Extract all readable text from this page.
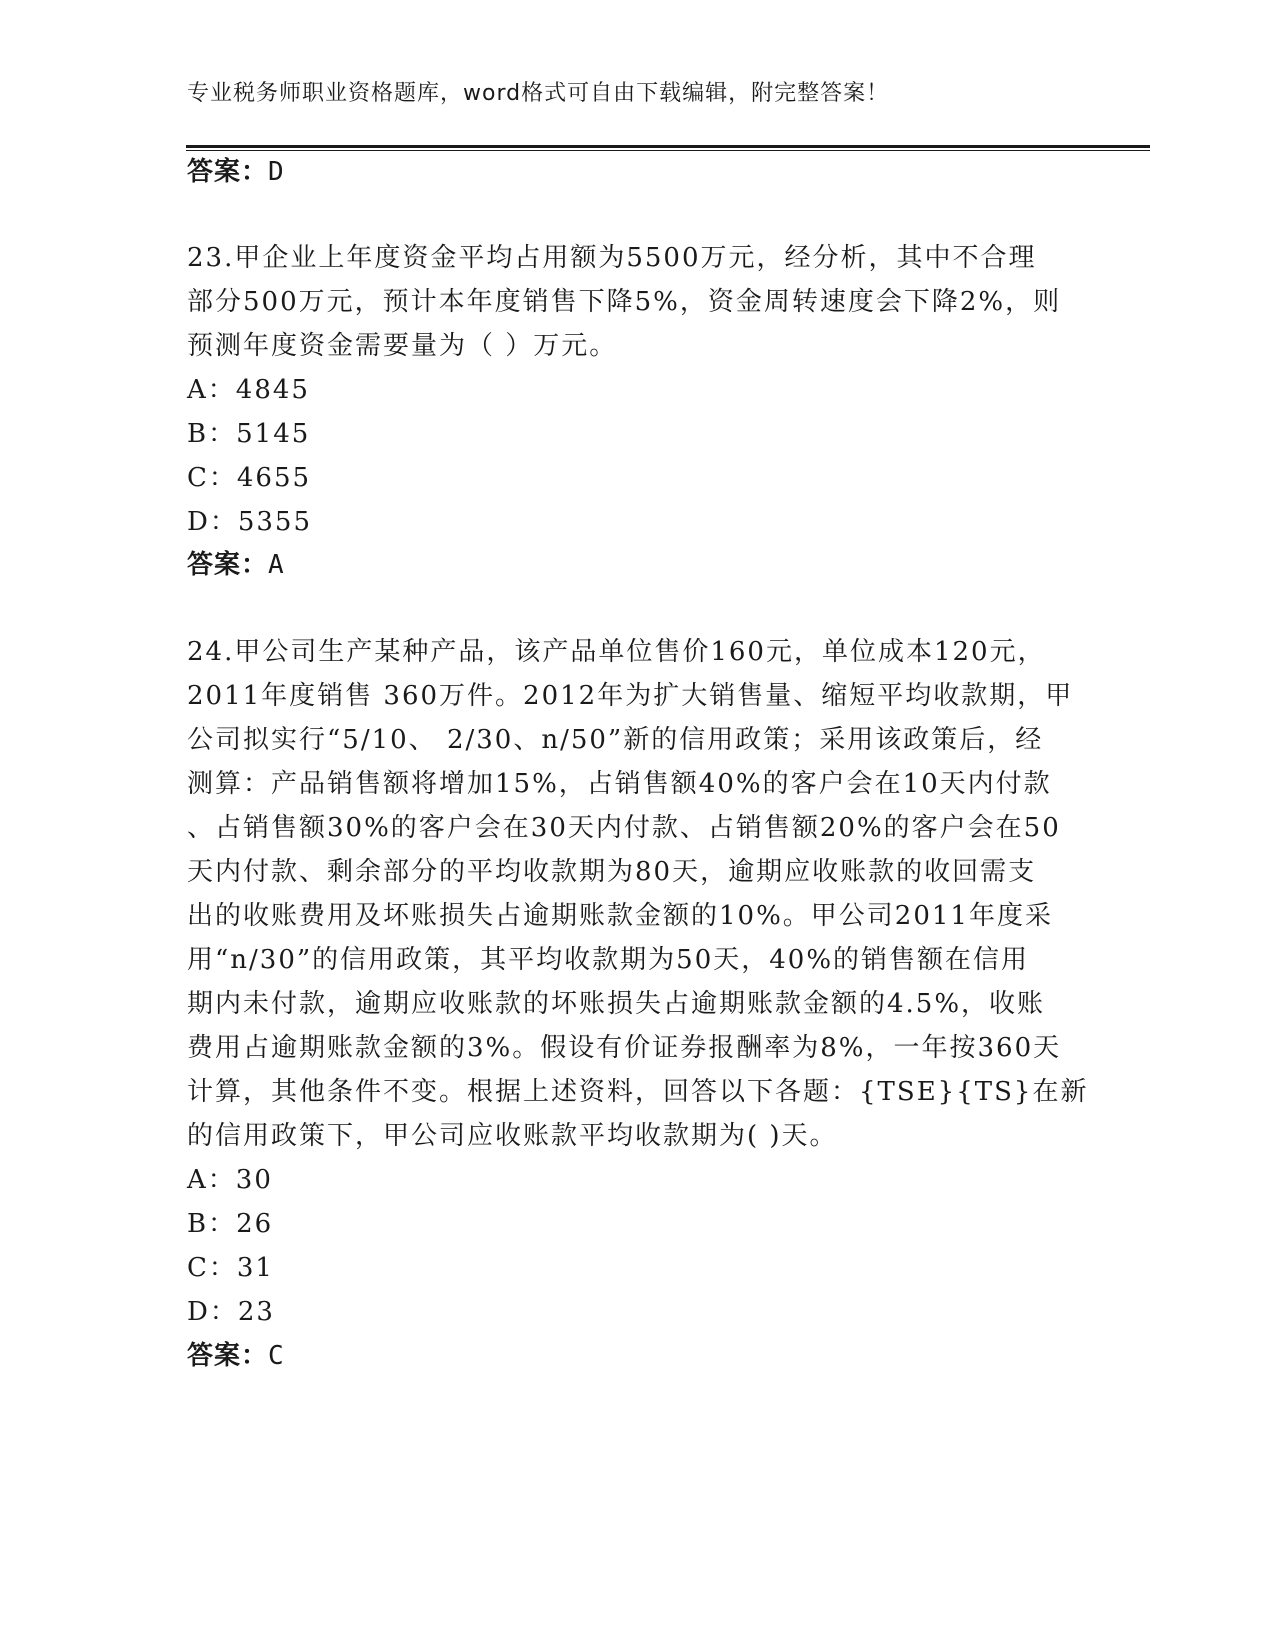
专业税务师职业资格题库，word格式可自由下载编辑，附完整答案！
答案：D
23.甲企业上年度资金平均占用额为5500万元，经分析，其中不合理
部分500万元，预计本年度销售下降5%，资金周转速度会下降2%，则
预测年度资金需要量为（ ）万元。
A：4845
B：5145
C：4655
D：5355
答案：A
24.甲公司生产某种产品，该产品单位售价160元，单位成本120元，
2011年度销售 360万件。2012年为扩大销售量、缩短平均收款期，甲
公司拟实行“5/10、 2/30、n/50”新的信用政策；采用该政策后，经
测算：产品销售额将增加15%，占销售额40%的客户会在10天内付款
、占销售额30%的客户会在30天内付款、占销售额20%的客户会在50
天内付款、剩余部分的平均收款期为80天，逾期应收账款的收回需支
出的收账费用及坏账损失占逾期账款金额的10%。甲公司2011年度采
用“n/30”的信用政策，其平均收款期为50天，40%的销售额在信用
期内未付款，逾期应收账款的坏账损失占逾期账款金额的4.5%，收账
费用占逾期账款金额的3%。假设有价证券报酬率为8%，一年按360天
计算，其他条件不变。根据上述资料，回答以下各题：{TSE}{TS}在新
的信用政策下，甲公司应收账款平均收款期为( )天。
A：30
B：26
C：31
D：23
答案：C
